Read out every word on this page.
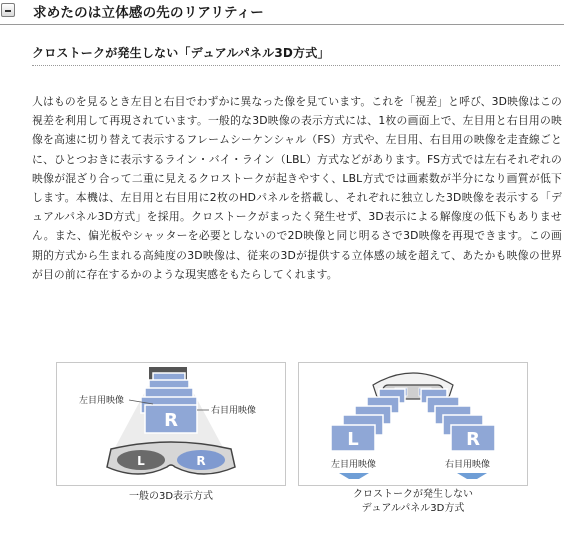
求めたのは立体感の先のリアリティー
クロストークが発生しない「デュアルパネル3D方式」

人はものを見るとき左目と右目でわずかに異なった像を見ています。これを「視差」と呼び、3D映像はこの視差を利用して再現されています。一般的な3D映像の表示方式には、1枚の画面上で、左目用と右目用の映像を高速に切り替えて表示するフレームシーケンシャル（FS）方式や、左目用、右目用の映像を走査線ごとに、ひとつおきに表示するライン・バイ・ライン（LBL）方式などがあります。FS方式では左右それぞれの映像が混ざり合って二重に見えるクロストークが起きやすく、LBL方式では画素数が半分になり画質が低下します。本機は、左目用と右目用に2枚のHDパネルを搭載し、それぞれに独立した3D映像を表示する「デュアルパネル3D方式」を採用。クロストークがまったく発生せず、3D表示による解像度の低下もありません。また、偏光板やシャッターを必要としないので2D映像と同じ明るさで3D映像を再現できます。この画期的方式から生まれる高純度の3D映像は、従来の3Dが提供する立体感の域を超えて、あたかも映像の世界が目の前に存在するかのような現実感をもたらしてくれます。

R
左目用映像
右目用映像
L	R
一般の3D表示方式
L	R
左目用映像	右目用映像
クロストークが発生しない
デュアルパネル3D方式
